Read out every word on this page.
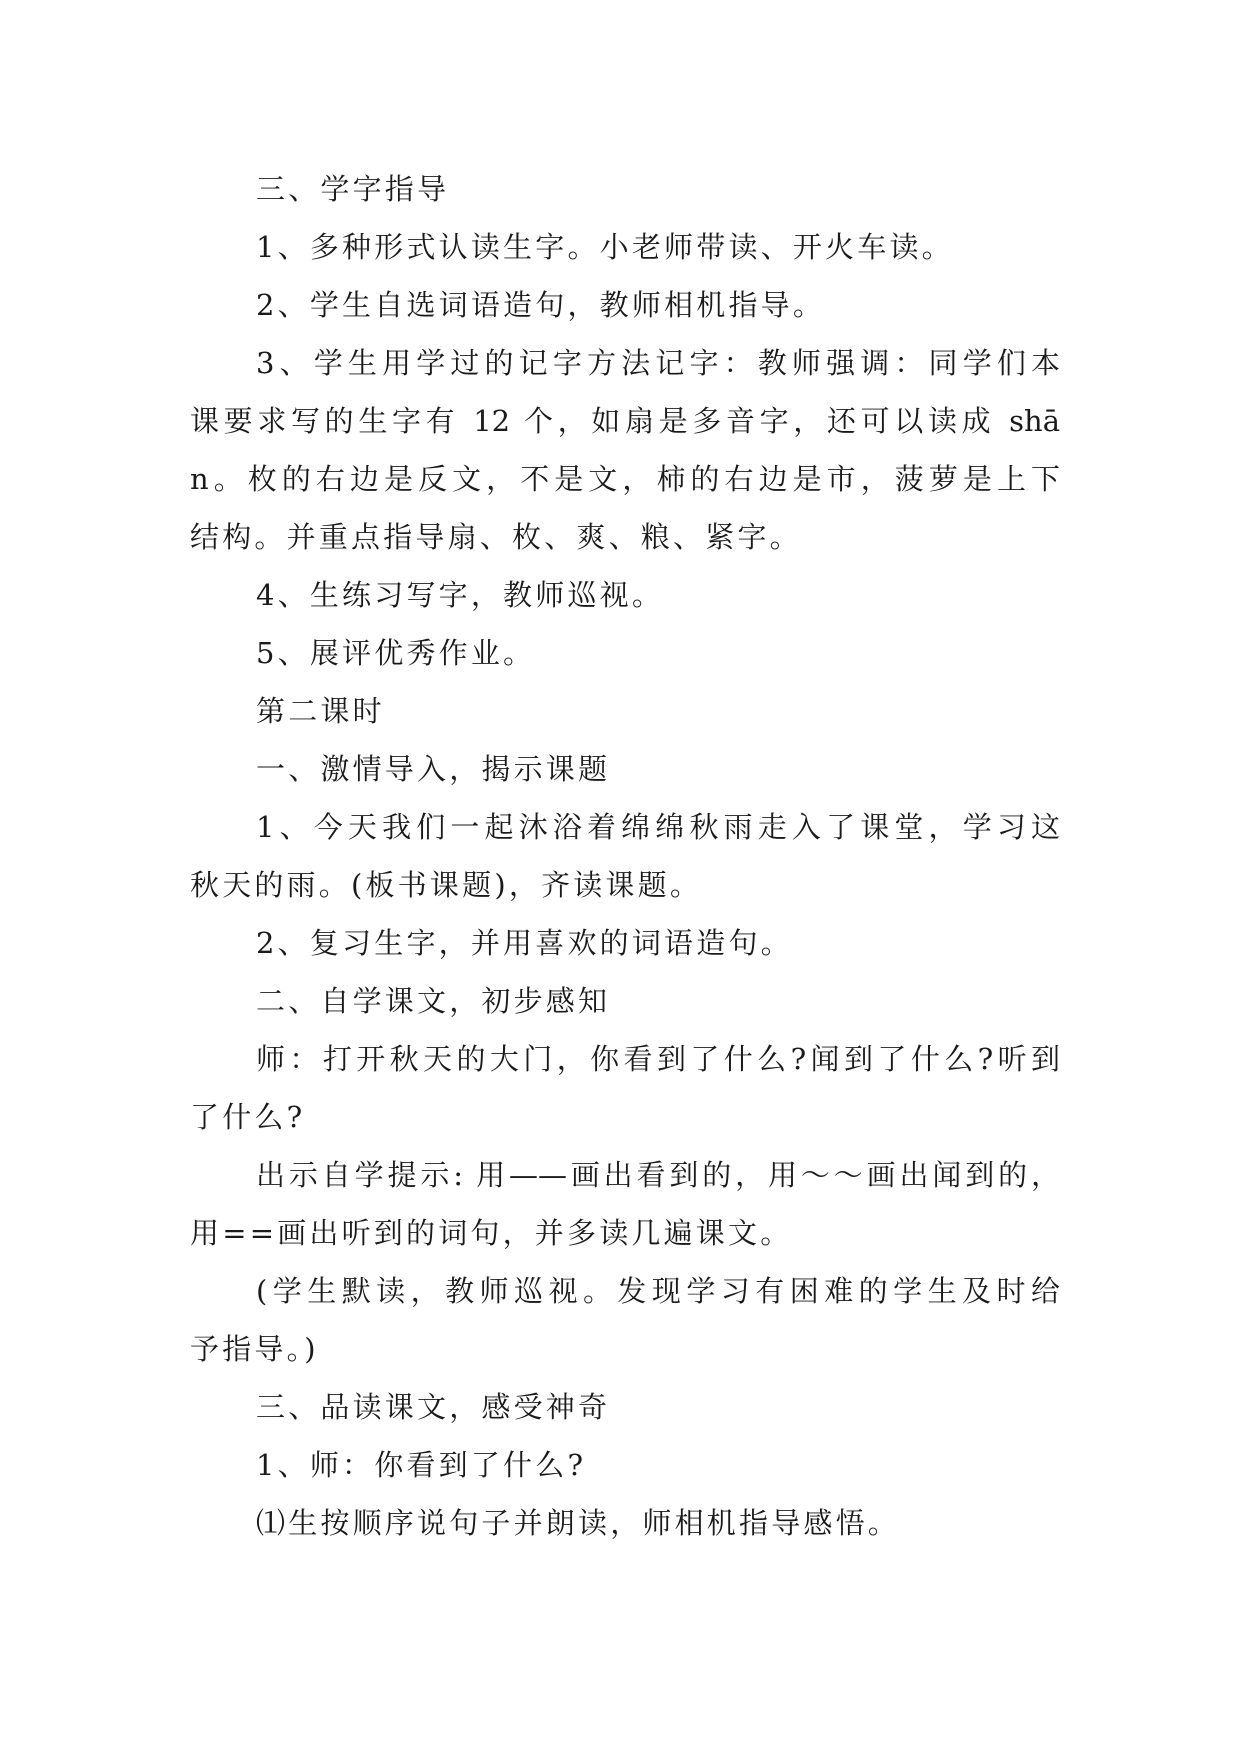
三、学字指导
1、多种形式认读生字。小老师带读、开火车读。
2、学生自选词语造句，教师相机指导。
3、学生用学过的记字方法记字：教师强调：同学们本
课要求写的生字有 12 个，如扇是多音字，还可以读成 shā
n。枚的右边是反文，不是文，柿的右边是市，菠萝是上下
结构。并重点指导扇、枚、爽、粮、紧字。
4、生练习写字，教师巡视。
5、展评优秀作业。
第二课时
一、激情导入，揭示课题
1、今天我们一起沐浴着绵绵秋雨走入了课堂，学习这
秋天的雨。(板书课题)，齐读课题。
2、复习生字，并用喜欢的词语造句。
二、自学课文，初步感知
师：打开秋天的大门，你看到了什么?闻到了什么?听到
了什么?
出示自学提示: 用——画出看到的，用～～画出闻到的，
用==画出听到的词句，并多读几遍课文。
(学生默读，教师巡视。发现学习有困难的学生及时给
予指导。)
三、品读课文，感受神奇
1、师：你看到了什么?
⑴生按顺序说句子并朗读，师相机指导感悟。
